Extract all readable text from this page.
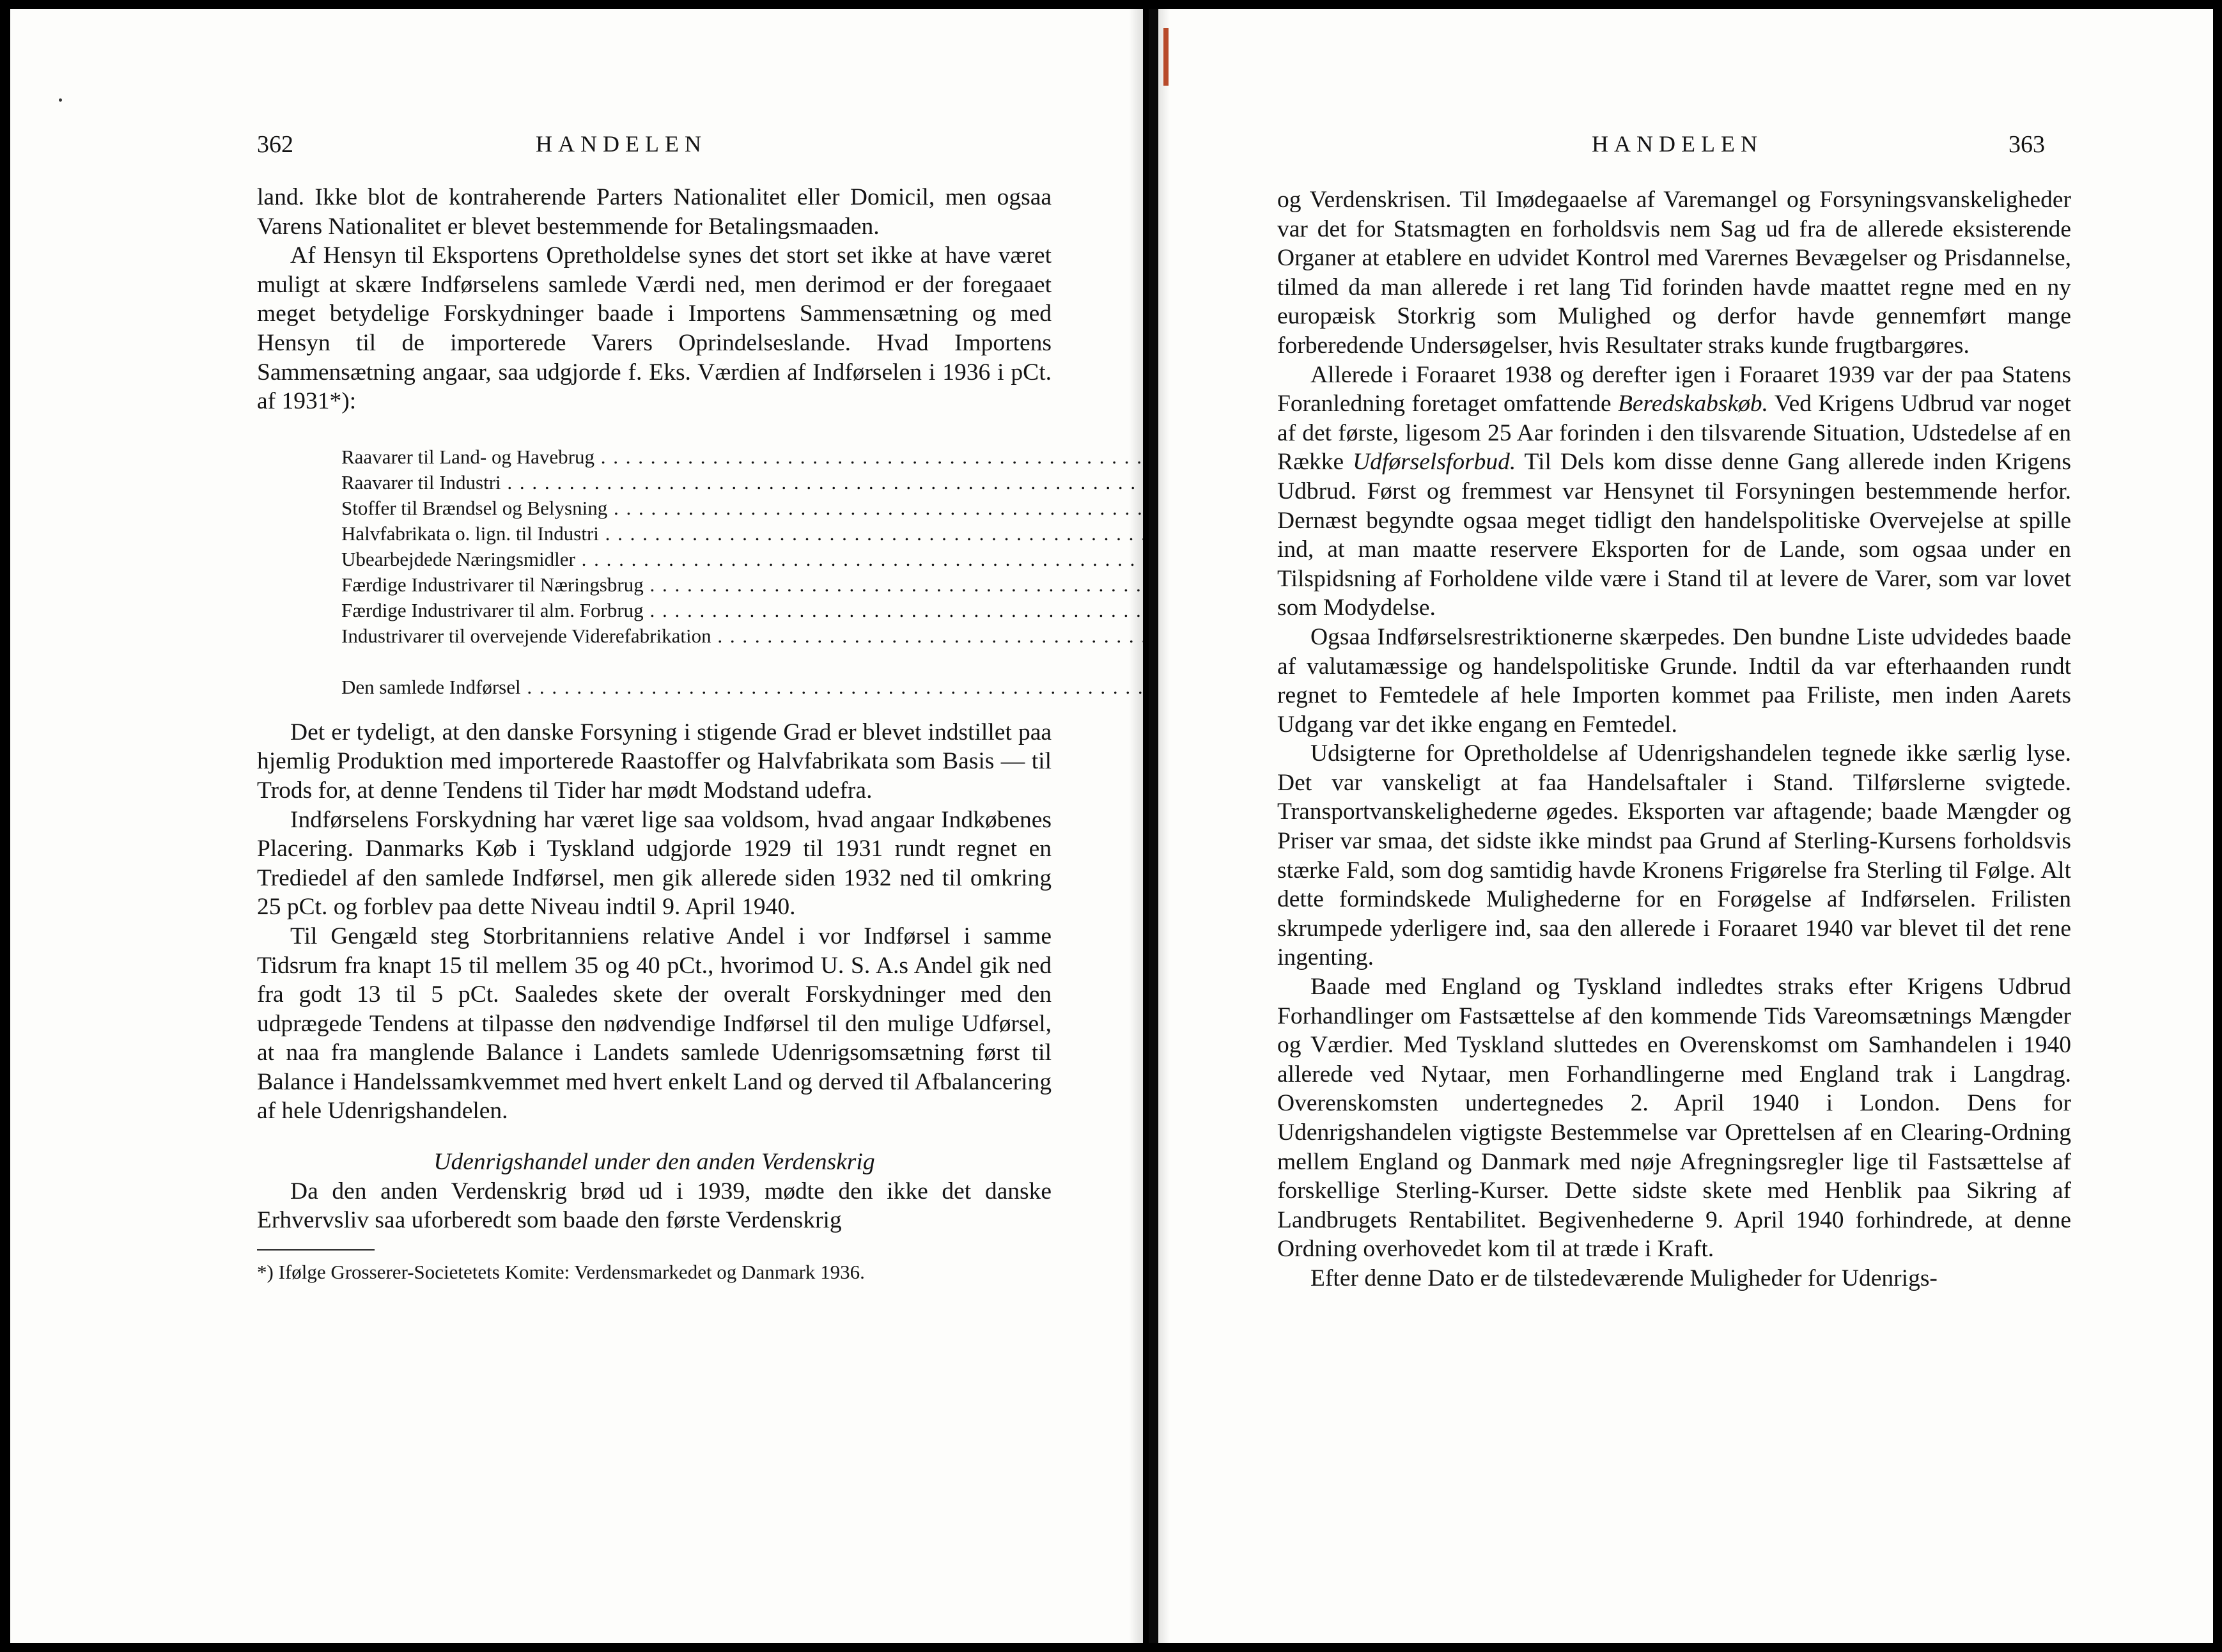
362	HANDELEN

land. Ikke blot de kontraherende Parters Nationalitet eller Domicil, men ogsaa Varens Nationalitet er blevet bestemmende for Betalingsmaaden.

Af Hensyn til Eksportens Opretholdelse synes det stort set ikke at have været muligt at skære Indførselens samlede Værdi ned, men derimod er der foregaaet meget betydelige Forskydninger baade i Importens Sammensætning og med Hensyn til de importerede Varers Oprindelseslande. Hvad Importens Sammensætning angaar, saa udgjorde f. Eks. Værdien af Indførselen i 1936 i pCt. af 1931*):

Raavarer til Land- og Havebrug . . .	
Raavarer til Industri . . .	
Stoffer til Brændsel og Belysning . . .	
Halvfabrikata o. lign. til Industri . . .	
Ubearbejdede Næringsmidler . . .	
Færdige Industrivarer til Næringsbrug . . .	
Færdige Industrivarer til alm. Forbrug . . .	
Industrivarer til overvejende Viderefabrikation . . .	

Den samlede Indførsel . . .	

Det er tydeligt, at den danske Forsyning i stigende Grad er blevet indstillet paa hjemlig Produktion med importerede Raastoffer og Halvfabrikata som Basis — til Trods for, at denne Tendens til Tider har mødt Modstand udefra.

Indførselens Forskydning har været lige saa voldsom, hvad angaar Indkøbenes Placering. Danmarks Køb i Tyskland udgjorde 1929 til 1931 rundt regnet en Trediedel af den samlede Indførsel, men gik allerede siden 1932 ned til omkring 25 pCt. og forblev paa dette Niveau indtil 9. April 1940.

Til Gengæld steg Storbritanniens relative Andel i vor Indførsel i samme Tidsrum fra knapt 15 til mellem 35 og 40 pCt., hvorimod U. S. A.s Andel gik ned fra godt 13 til 5 pCt. Saaledes skete der overalt Forskydninger med den udprægede Tendens at tilpasse den nødvendige Indførsel til den mulige Udførsel, at naa fra manglende Balance i Landets samlede Udenrigsomsætning først til Balance i Handelssamkvemmet med hvert enkelt Land og derved til Afbalancering af hele Udenrigshandelen.

Udenrigshandel under den anden Verdenskrig

Da den anden Verdenskrig brød ud i 1939, mødte den ikke det danske Erhvervsliv saa uforberedt som baade den første Verdenskrig

*) Ifølge Grosserer-Societetets Komite: Verdensmarkedet og Danmark 1936.
HANDELEN	363

og Verdenskrisen. Til Imødegaaelse af Varemangel og Forsyningsvanskeligheder var det for Statsmagten en forholdsvis nem Sag ud fra de allerede eksisterende Organer at etablere en udvidet Kontrol med Varernes Bevægelser og Prisdannelse, tilmed da man allerede i ret lang Tid forinden havde maattet regne med en ny europæisk Storkrig som Mulighed og derfor havde gennemført mange forberedende Undersøgelser, hvis Resultater straks kunde frugtbargøres.

Allerede i Foraaret 1938 og derefter igen i Foraaret 1939 var der paa Statens Foranledning foretaget omfattende Beredskabskøb. Ved Krigens Udbrud var noget af det første, ligesom 25 Aar forinden i den tilsvarende Situation, Udstedelse af en Række Udførselsforbud. Til Dels kom disse denne Gang allerede inden Krigens Udbrud. Først og fremmest var Hensynet til Forsyningen bestemmende herfor. Dernæst begyndte ogsaa meget tidligt den handelspolitiske Overvejelse at spille ind, at man maatte reservere Eksporten for de Lande, som ogsaa under en Tilspidsning af Forholdene vilde være i Stand til at levere de Varer, som var lovet som Modydelse.

Ogsaa Indførselsrestriktionerne skærpedes. Den bundne Liste udvidedes baade af valutamæssige og handelspolitiske Grunde. Indtil da var efterhaanden rundt regnet to Femtedele af hele Importen kommet paa Friliste, men inden Aarets Udgang var det ikke engang en Femtedel.

Udsigterne for Opretholdelse af Udenrigshandelen tegnede ikke særlig lyse. Det var vanskeligt at faa Handelsaftaler i Stand. Tilførslerne svigtede. Transportvanskelighederne øgedes. Eksporten var aftagende; baade Mængder og Priser var smaa, det sidste ikke mindst paa Grund af Sterling-Kursens forholdsvis stærke Fald, som dog samtidig havde Kronens Frigørelse fra Sterling til Følge. Alt dette formindskede Mulighederne for en Forøgelse af Indførselen. Frilisten skrumpede yderligere ind, saa den allerede i Foraaret 1940 var blevet til det rene ingenting.

Baade med England og Tyskland indledtes straks efter Krigens Udbrud Forhandlinger om Fastsættelse af den kommende Tids Vareomsætnings Mængder og Værdier. Med Tyskland sluttedes en Overenskomst om Samhandelen i 1940 allerede ved Nytaar, men Forhandlingerne med England trak i Langdrag. Overenskomsten undertegnedes 2. April 1940 i London. Dens for Udenrigshandelen vigtigste Bestemmelse var Oprettelsen af en Clearing-Ordning mellem England og Danmark med nøje Afregningsregler lige til Fastsættelse af forskellige Sterling-Kurser. Dette sidste skete med Henblik paa Sikring af Landbrugets Rentabilitet. Begivenhederne 9. April 1940 forhindrede, at denne Ordning overhovedet kom til at træde i Kraft.

Efter denne Dato er de tilstedeværende Muligheder for Udenrigs-
